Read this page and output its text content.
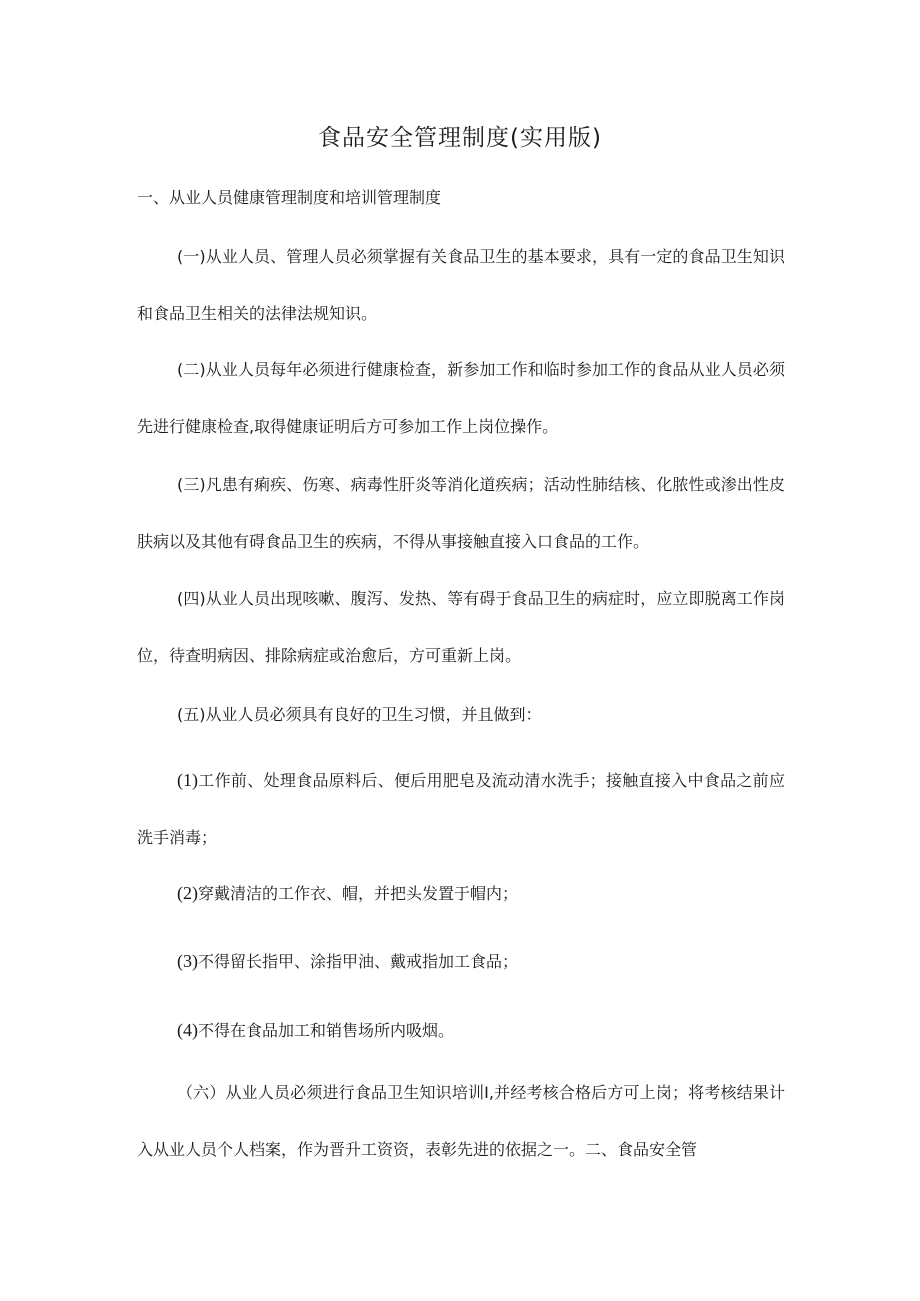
食品安全管理制度(实用版)
一、从业人员健康管理制度和培训管理制度

(一)从业人员、管理人员必须掌握有关食品卫生的基本要求，具有一定的食品卫生知识和食品卫生相关的法律法规知识。

(二)从业人员每年必须进行健康检查，新参加工作和临时参加工作的食品从业人员必须先进行健康检查,取得健康证明后方可参加工作上岗位操作。

(三)凡患有痢疾、伤寒、病毒性肝炎等消化道疾病；活动性肺结核、化脓性或渗出性皮肤病以及其他有碍食品卫生的疾病，不得从事接触直接入口食品的工作。

(四)从业人员出现咳嗽、腹泻、发热、等有碍于食品卫生的病症时，应立即脱离工作岗位，待查明病因、排除病症或治愈后，方可重新上岗。

(五)从业人员必须具有良好的卫生习惯，并且做到：

(1)工作前、处理食品原料后、便后用肥皂及流动清水洗手；接触直接入中食品之前应洗手消毒；

(2)穿戴清洁的工作衣、帽，并把头发置于帽内；
(3)不得留长指甲、涂指甲油、戴戒指加工食品；
(4)不得在食品加工和销售场所内吸烟。

（六）从业人员必须进行食品卫生知识培训I,并经考核合格后方可上岗；将考核结果计入从业人员个人档案，作为晋升工资资，表彰先进的依据之一。二、食品安全管
